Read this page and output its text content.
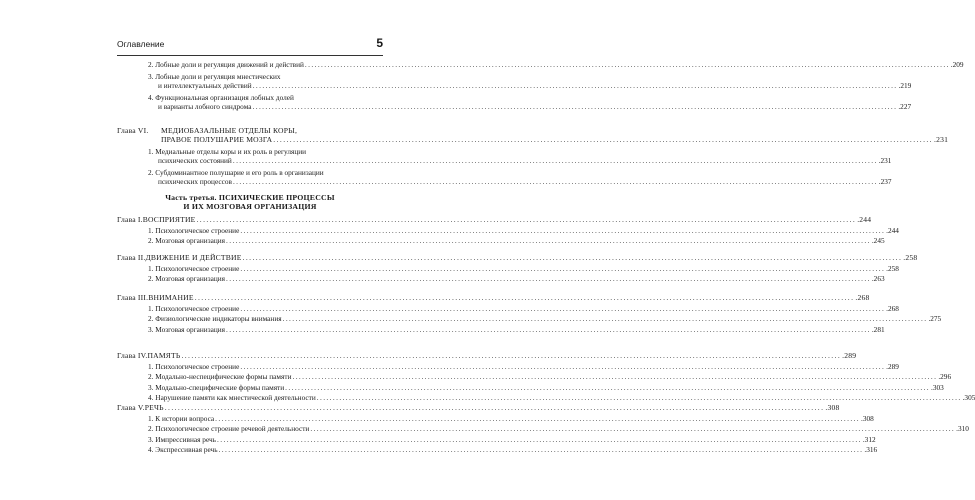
Оглавление	5
2. Лобные доли и регуляция движений и действий ........................................................................................................................................................................................................ .209
3. Лобные доли и регуляция мнестических
и интеллектуальных действий ........................................................................................................................................................................................................ .219
4. Функциональная организация лобных долей
и варианты лобного синдрома ........................................................................................................................................................................................................ .227
Глава VI.	МЕДИОБАЗАЛЬНЫЕ ОТДЕЛЫ КОРЫ,
ПРАВОЕ ПОЛУШАРИЕ МОЗГА ........................................................................................................................................................................................................ .231
1. Медиальные отделы коры и их роль в регуляции
психических состояний ........................................................................................................................................................................................................ .231
2. Субдоминантное полушарие и его роль в организации
психических процессов ........................................................................................................................................................................................................ .237
Часть третья. ПСИХИЧЕСКИЕ ПРОЦЕССЫ
И ИХ МОЗГОВАЯ ОРГАНИЗАЦИЯ
Глава I. ВОСПРИЯТИЕ ........................................................................................................................................................................................................ .244
1. Психологическое строение ........................................................................................................................................................................................................ .244
2. Мозговая организация ........................................................................................................................................................................................................ .245
Глава II. ДВИЖЕНИЕ И ДЕЙСТВИЕ ........................................................................................................................................................................................................ .258
1. Психологическое строение ........................................................................................................................................................................................................ .258
2. Мозговая организация ........................................................................................................................................................................................................ .263
Глава III. ВНИМАНИЕ ........................................................................................................................................................................................................ .268
1. Психологическое строение ........................................................................................................................................................................................................ .268
2. Физиологические индикаторы внимания ........................................................................................................................................................................................................ .275
3. Мозговая организация ........................................................................................................................................................................................................ .281
Глава IV. ПАМЯТЬ ........................................................................................................................................................................................................ .289
1. Психологическое строение ........................................................................................................................................................................................................ .289
2. Модально-неспецифические формы памяти ........................................................................................................................................................................................................ .296
3. Модально-специфические формы памяти ........................................................................................................................................................................................................ .303
4. Нарушение памяти как мнестической деятельности ........................................................................................................................................................................................................ .305
Глава V. РЕЧЬ ........................................................................................................................................................................................................ .308
1. К истории вопроса ........................................................................................................................................................................................................ .308
2. Психологическое строение речевой деятельности ........................................................................................................................................................................................................ .310
3. Импрессивная речь ........................................................................................................................................................................................................ .312
4. Экспрессивная речь ........................................................................................................................................................................................................ .316
